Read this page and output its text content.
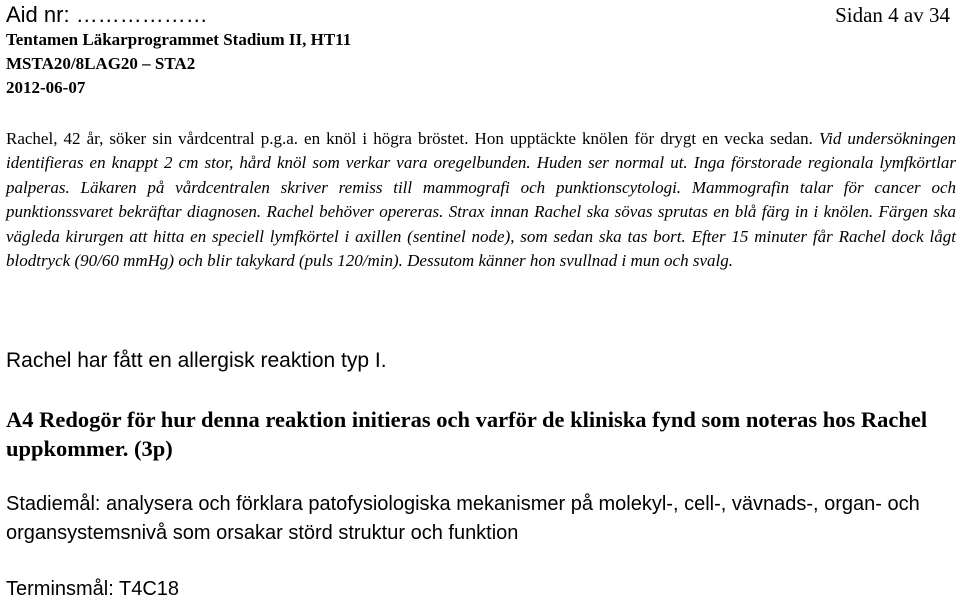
Aid nr: ………………	Sidan 4 av 34
Tentamen Läkarprogrammet Stadium II, HT11
MSTA20/8LAG20 – STA2
2012-06-07
Rachel, 42 år, söker sin vårdcentral p.g.a. en knöl i högra bröstet. Hon upptäckte knölen för drygt en vecka sedan. Vid undersökningen identifieras en knappt 2 cm stor, hård knöl som verkar vara oregelbunden. Huden ser normal ut. Inga förstorade regionala lymfkörtlar palperas. Läkaren på vårdcentralen skriver remiss till mammografi och punktionscytologi. Mammografin talar för cancer och punktionssvaret bekräftar diagnosen. Rachel behöver opereras. Strax innan Rachel ska sövas sprutas en blå färg in i knölen. Färgen ska vägleda kirurgen att hitta en speciell lymfkörtel i axillen (sentinel node), som sedan ska tas bort. Efter 15 minuter får Rachel dock lågt blodtryck (90/60 mmHg) och blir takykard (puls 120/min). Dessutom känner hon svullnad i mun och svalg.
Rachel har fått en allergisk reaktion typ I.
A4 Redogör för hur denna reaktion initieras och varför de kliniska fynd som noteras hos Rachel uppkommer. (3p)
Stadiemål: analysera och förklara patofysiologiska mekanismer på molekyl-, cell-, vävnads-, organ- och organsystemsnivå som orsakar störd struktur och funktion
Terminsmål: T4C18
